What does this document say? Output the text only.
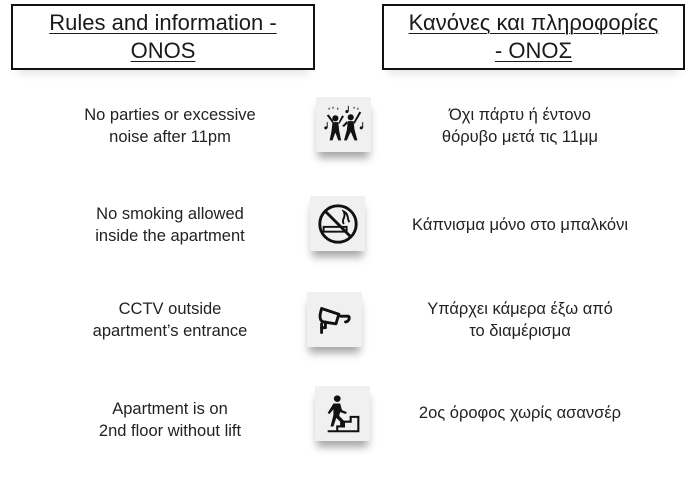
Rules and information -
ONOS
Κανόνες και πληροφορίες
- ΟΝΟΣ
No parties or excessive
noise after 11pm
Όχι πάρτυ ή έντονο
θόρυβο μετά τις 11μμ
No smoking allowed
inside the apartment
Κάπνισμα μόνο στο μπαλκόνι
CCTV outside
apartment’s entrance
Υπάρχει κάμερα έξω από
το διαμέρισμα
Apartment is on
2nd floor without lift
2ος όροφος χωρίς ασανσέρ
